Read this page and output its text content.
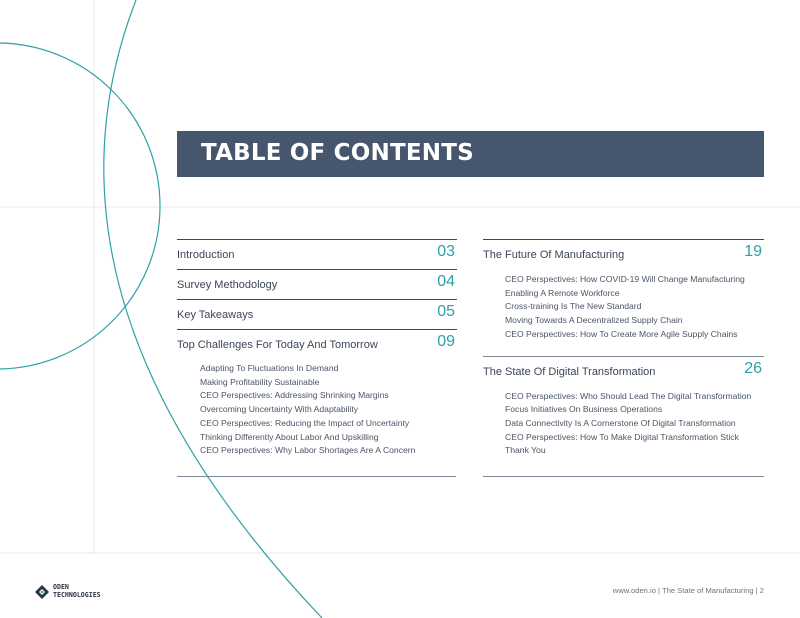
TABLE OF CONTENTS
Introduction	03
Survey Methodology	04
Key Takeaways	05
Top Challenges For Today And Tomorrow	09
Adapting To Fluctuations In Demand
Making Profitability Sustainable
CEO Perspectives: Addressing Shrinking Margins
Overcoming Uncertainty With Adaptability
CEO Perspectives: Reducing the Impact of Uncertainty
Thinking Differently About Labor And Upskilling
CEO Perspectives: Why Labor Shortages Are A Concern
The Future Of Manufacturing	19
CEO Perspectives: How COVID-19 Will Change Manufacturing
Enabling A Remote Workforce
Cross-training Is The New Standard
Moving Towards A Decentralized Supply Chain
CEO Perspectives: How To Create More Agile Supply Chains
The State Of Digital Transformation	26
CEO Perspectives: Who Should Lead The Digital Transformation
Focus Initiatives On Business Operations
Data Connectivity Is A Cornerstone Of Digital Transformation
CEO Perspectives: How To Make Digital Transformation Stick
Thank You
ODEN
TECHNOLOGIES	www.oden.io | The State of Manufacturing | 2
